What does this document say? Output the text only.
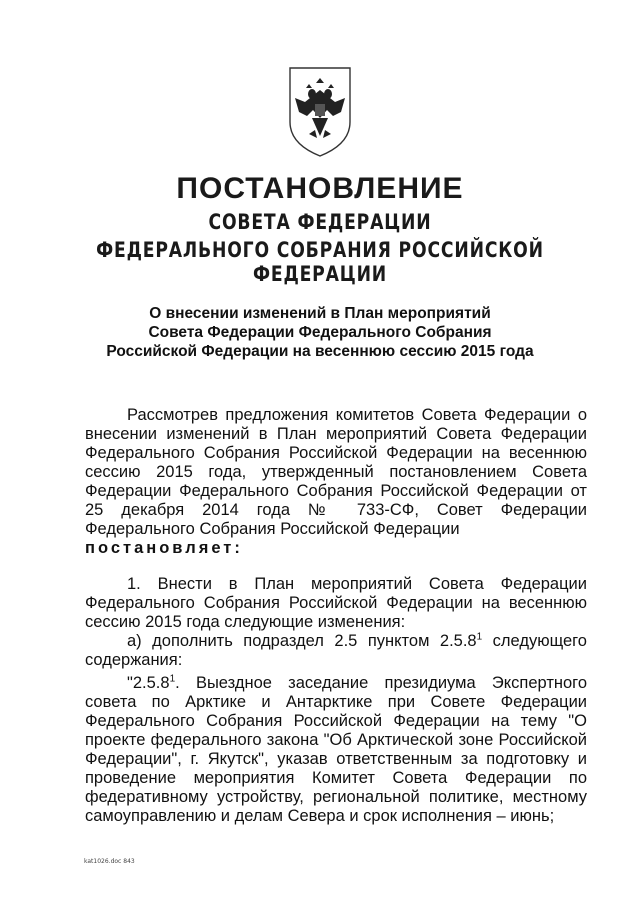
ПОСТАНОВЛЕНИЕ
СОВЕТА ФЕДЕРАЦИИ
ФЕДЕРАЛЬНОГО СОБРАНИЯ РОССИЙСКОЙ ФЕДЕРАЦИИ
О внесении изменений в План мероприятий
Совета Федерации Федерального Собрания
Российской Федерации на весеннюю сессию 2015 года

Рассмотрев предложения комитетов Совета Федерации о внесении изменений в План мероприятий Совета Федерации Федерального Собрания Российской Федерации на весеннюю сессию 2015 года, утвержденный постановлением Совета Федерации Федерального Собрания Российской Федерации от 25 декабря 2014 года № 733-СФ, Совет Федерации Федерального Собрания Российской Федерации

постановляет:

1. Внести в План мероприятий Совета Федерации Федерального Собрания Российской Федерации на весеннюю сессию 2015 года следующие изменения:

а) дополнить подраздел 2.5 пунктом 2.5.8$^1$ следующего содержания:

"2.5.8$^1$. Выездное заседание президиума Экспертного совета по Арктике и Антарктике при Совете Федерации Федерального Собрания Российской Федерации на тему "О проекте федерального закона "Об Арктической зоне Российской Федерации", г. Якутск", указав ответственным за подготовку и проведение мероприятия Комитет Совета Федерации по федеративному устройству, региональной политике, местному самоуправлению и делам Севера и срок исполнения – июнь;

kat1026.doc 843
